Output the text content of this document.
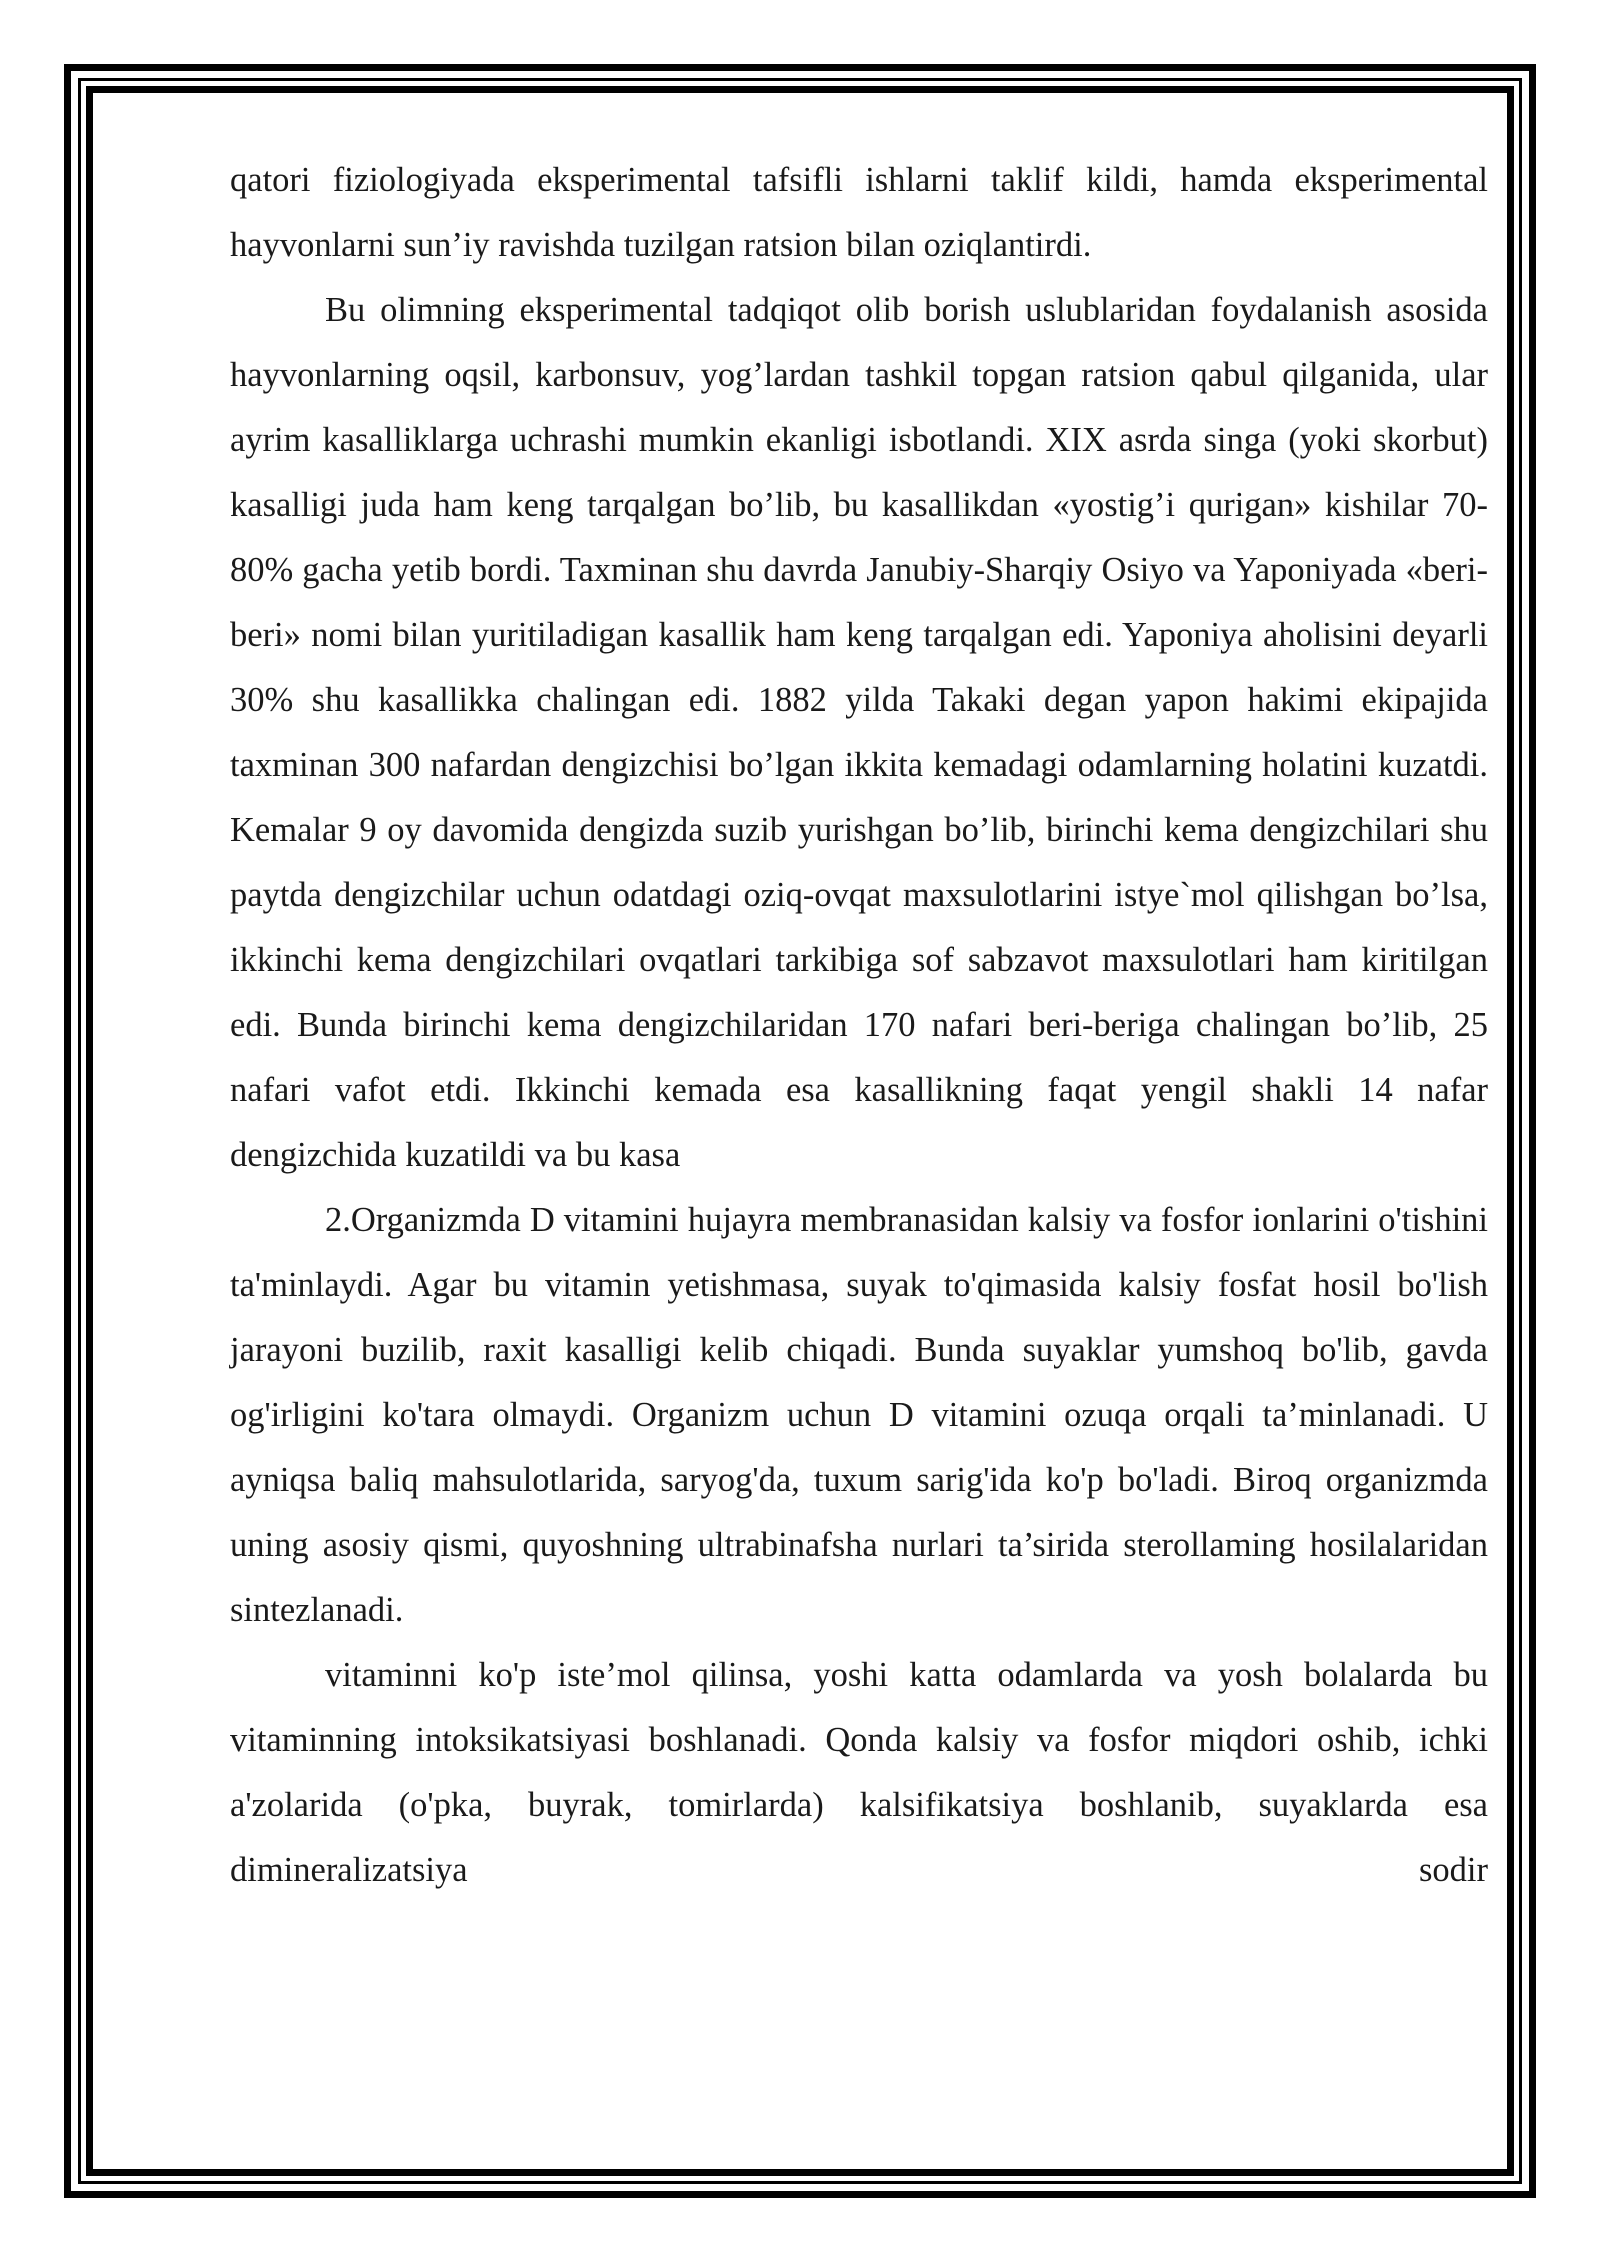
qatori fiziologiyada eksperimental tafsifli ishlarni taklif kildi, hamda eksperimental hayvonlarni sun’iy ravishda tuzilgan ratsion bilan oziqlantirdi.

Bu olimning eksperimental tadqiqot olib borish uslublaridan foydalanish asosida hayvonlarning oqsil, karbonsuv, yog’lardan tashkil topgan ratsion qabul qilganida, ular ayrim kasalliklarga uchrashi mumkin ekanligi isbotlandi. XIX asrda singa (yoki skorbut) kasalligi juda ham keng tarqalgan bo’lib, bu kasallikdan «yostig’i qurigan» kishilar 70-80% gacha yetib bordi. Taxminan shu davrda Janubiy-Sharqiy Osiyo va Yaponiyada «beri-beri» nomi bilan yuritiladigan kasallik ham keng tarqalgan edi. Yaponiya aholisini deyarli 30% shu kasallikka chalingan edi. 1882 yilda Takaki degan yapon hakimi ekipajida taxminan 300 nafardan dengizchisi bo’lgan ikkita kemadagi odamlarning holatini kuzatdi. Kemalar 9 oy davomida dengizda suzib yurishgan bo’lib, birinchi kema dengizchilari shu paytda dengizchilar uchun odatdagi oziq-ovqat maxsulotlarini istye`mol qilishgan bo’lsa, ikkinchi kema dengizchilari ovqatlari tarkibiga sof sabzavot maxsulotlari ham kiritilgan edi. Bunda birinchi kema dengizchilaridan 170 nafari beri-beriga chalingan bo’lib, 25 nafari vafot etdi. Ikkinchi kemada esa kasallikning faqat yengil shakli 14 nafar dengizchida kuzatildi va bu kasa

2.Organizmda D vitamini hujayra membranasidan kalsiy va fosfor ionlarini o'tishini ta'minlaydi. Agar bu vitamin yetishmasa, suyak to'qimasida kalsiy fosfat hosil bo'lish jarayoni buzilib, raxit kasalligi kelib chiqadi. Bunda suyaklar yumshoq bo'lib, gavda og'irligini ko'tara olmaydi. Organizm uchun D vitamini ozuqa orqali ta’minlanadi. U ayniqsa baliq mahsulotlarida, saryog'da, tuxum sarig'ida ko'p bo'ladi. Biroq organizmda uning asosiy qismi, quyoshning ultrabinafsha nurlari ta’sirida sterollaming hosilalaridan sintezlanadi.

vitaminni ko'p iste’mol qilinsa, yoshi katta odamlarda va yosh bolalarda bu vitaminning intoksikatsiyasi boshlanadi. Qonda kalsiy va fosfor miqdori oshib, ichki a'zolarida (o'pka, buyrak, tomirlarda) kalsifikatsiya boshlanib, suyaklarda esa dimineralizatsiya sodir
